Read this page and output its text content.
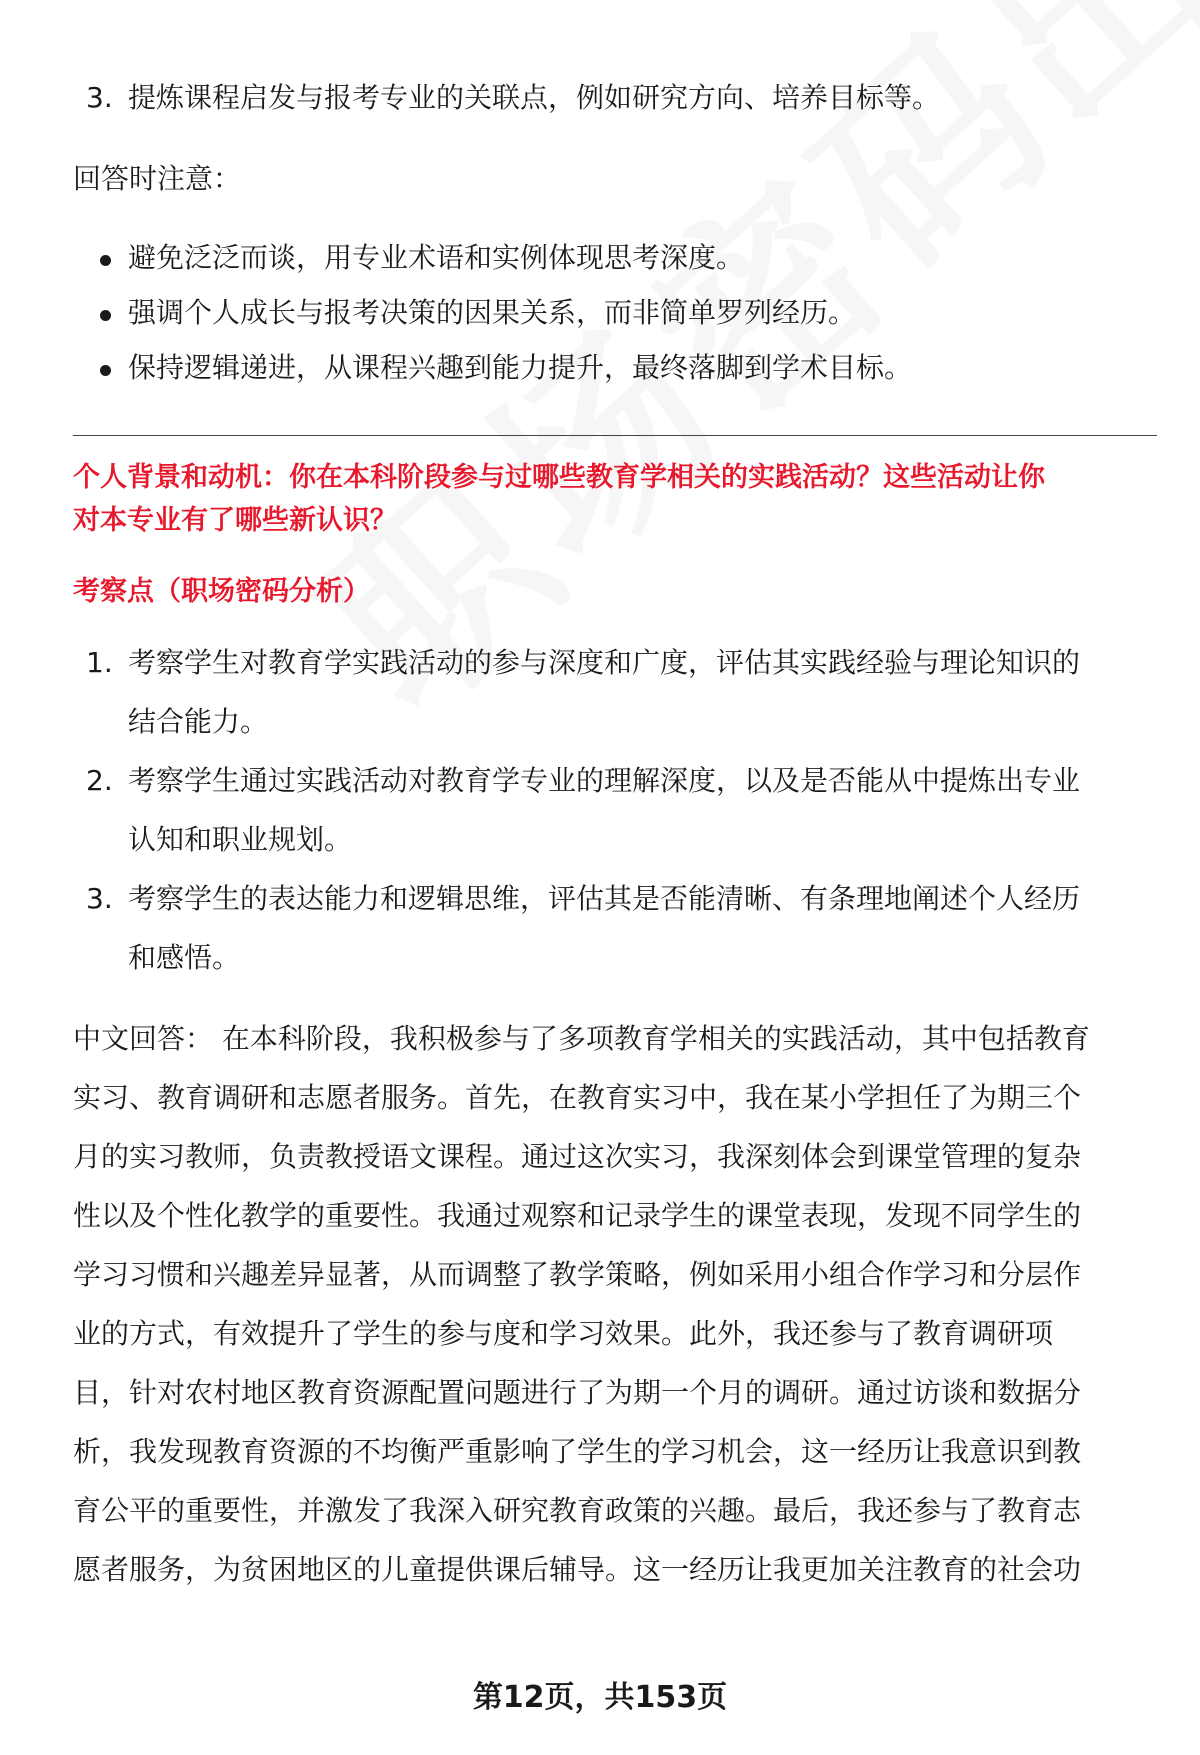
3. 提炼课程启发与报考专业的关联点，例如研究方向、培养目标等。

回答时注意：

避免泛泛而谈，用专业术语和实例体现思考深度。
强调个人成长与报考决策的因果关系，而非简单罗列经历。
保持逻辑递进，从课程兴趣到能力提升，最终落脚到学术目标。

个人背景和动机：你在本科阶段参与过哪些教育学相关的实践活动？这些活动让你

对本专业有了哪些新认识？

考察点（职场密码分析）

1. 考察学生对教育学实践活动的参与深度和广度，评估其实践经验与理论知识的
结合能力。
2. 考察学生通过实践活动对教育学专业的理解深度，以及是否能从中提炼出专业
认知和职业规划。
3. 考察学生的表达能力和逻辑思维，评估其是否能清晰、有条理地阐述个人经历
和感悟。

中文回答： 在本科阶段，我积极参与了多项教育学相关的实践活动，其中包括教育

实习、教育调研和志愿者服务。首先，在教育实习中，我在某小学担任了为期三个

月的实习教师，负责教授语文课程。通过这次实习，我深刻体会到课堂管理的复杂

性以及个性化教学的重要性。我通过观察和记录学生的课堂表现，发现不同学生的

学习习惯和兴趣差异显著，从而调整了教学策略，例如采用小组合作学习和分层作

业的方式，有效提升了学生的参与度和学习效果。此外，我还参与了教育调研项

目，针对农村地区教育资源配置问题进行了为期一个月的调研。通过访谈和数据分

析，我发现教育资源的不均衡严重影响了学生的学习机会，这一经历让我意识到教

育公平的重要性，并激发了我深入研究教育政策的兴趣。最后，我还参与了教育志

愿者服务，为贫困地区的儿童提供课后辅导。这一经历让我更加关注教育的社会功

第12页，共153页
